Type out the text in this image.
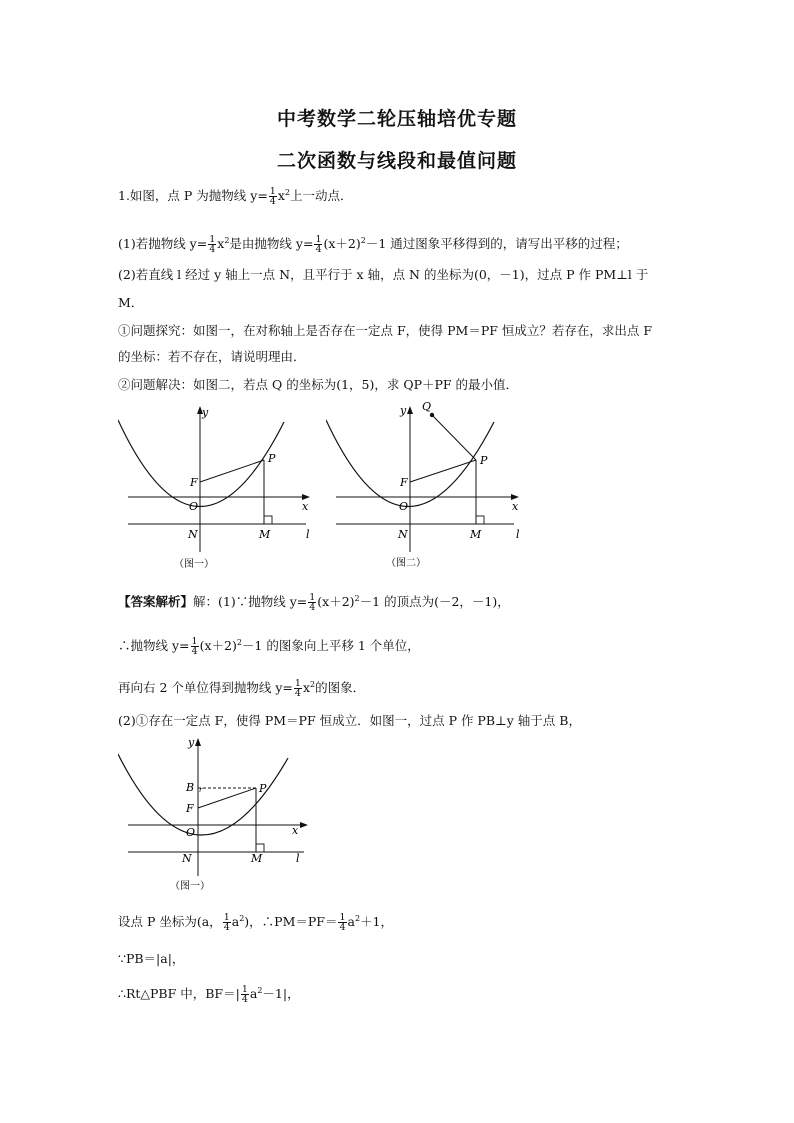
中考数学二轮压轴培优专题
二次函数与线段和最值问题
1.如图，点 P 为抛物线 $y= \frac{1}{4} x^2$上一动点．
(1)若抛物线 $y= \frac{1}{4} x^2$是由抛物线 $y= \frac{1}{4} (x+2)^2-1$ 通过图象平移得到的，请写出平移的过程；
(2)若直线 l 经过 y 轴上一点 N，且平行于 x 轴，点 N 的坐标为(0，－1)，过点 P 作 PM⊥l 于
M．
①问题探究：如图一，在对称轴上是否存在一定点 F，使得 PM＝PF 恒成立？若存在，求出点 F
的坐标：若不存在，请说明理由．
②问题解决：如图二，若点 Q 的坐标为(1，5)，求 QP＋PF 的最小值．
y
x
O
F
P
N	M	l
（图一）
Q
y
x
O
F
P
N	M	l
（图二）
【答案解析】解：(1)∵抛物线 $y= \frac{1}{4} (x+2)^2-1$ 的顶点为(－2，－1)，
∴抛物线 $y= \frac{1}{4} (x+2)^2-1$ 的图象向上平移 1 个单位，
再向右 2 个单位得到抛物线 $y= \frac{1}{4} x^2$的图象．
(2)①存在一定点 F，使得 PM＝PF 恒成立．如图一，过点 P 作 PB⊥y 轴于点 B，
y
x
O
B r
F
P
N	M	l
（图一）
设点 P 坐标为(a， $\frac{1}{4} a^2$)，∴PM＝PF＝ $\frac{1}{4} a^2+1$，
∵PB＝|a|，
∴Rt△PBF 中，$BF=| \frac{1}{4} a^2-1|$，
